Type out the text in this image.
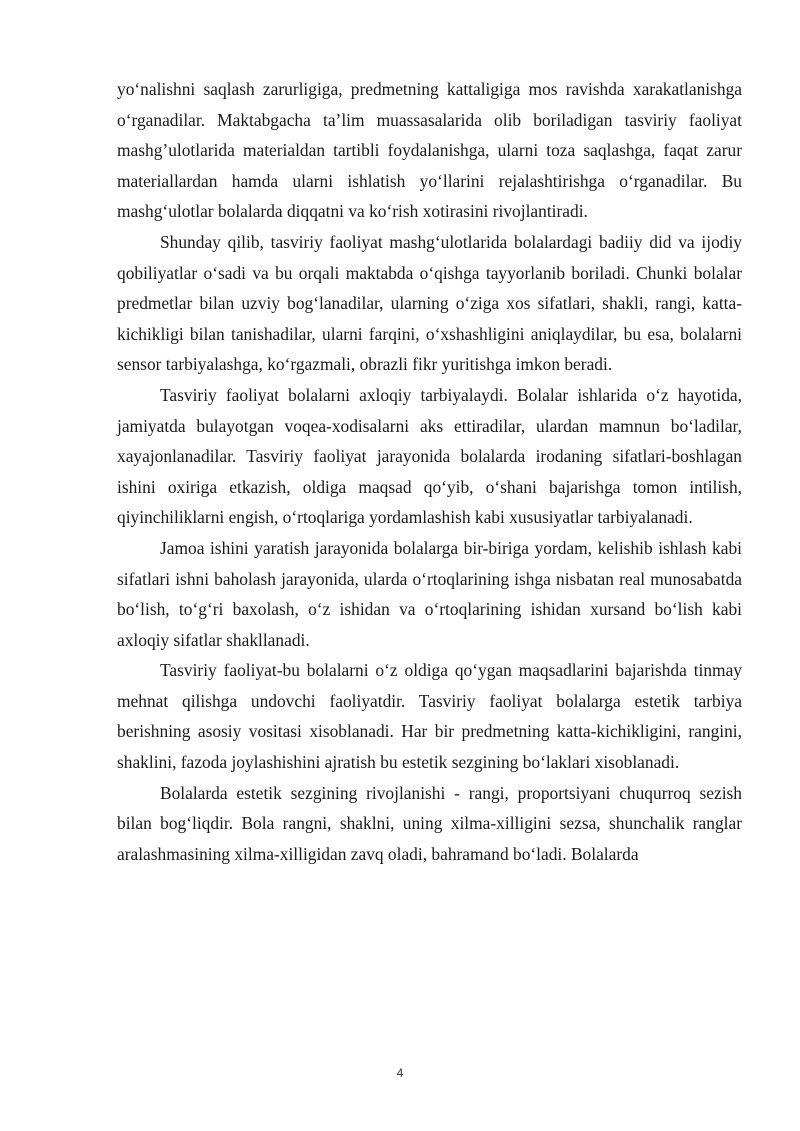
yo‘nalishni saqlash zarurligiga, predmetning kattaligiga mos ravishda xarakatlanishga o‘rganadilar. Maktabgacha ta’lim muassasalarida olib boriladigan tasviriy faoliyat mashg’ulotlarida materialdan tartibli foydalanishga, ularni toza saqlashga, faqat zarur materiallardan hamda ularni ishlatish yo‘llarini rejalashtirishga o‘rganadilar. Bu mashg‘ulotlar bolalarda diqqatni va ko‘rish xotirasini rivojlantiradi.

Shunday qilib, tasviriy faoliyat mashg‘ulotlarida bolalardagi badiiy did va ijodiy qobiliyatlar o‘sadi va bu orqali maktabda o‘qishga tayyorlanib boriladi. Chunki bolalar predmetlar bilan uzviy bog‘lanadilar, ularning o‘ziga xos sifatlari, shakli, rangi, katta-kichikligi bilan tanishadilar, ularni farqini, o‘xshashligini aniqlaydilar, bu esa, bolalarni sensor tarbiyalashga, ko‘rgazmali, obrazli fikr yuritishga imkon beradi.

Tasviriy faoliyat bolalarni axloqiy tarbiyalaydi. Bolalar ishlarida o‘z hayotida, jamiyatda bulayotgan voqea-xodisalarni aks ettiradilar, ulardan mamnun bo‘ladilar, xayajonlanadilar. Tasviriy faoliyat jarayonida bolalarda irodaning sifatlari-boshlagan ishini oxiriga etkazish, oldiga maqsad qo‘yib, o‘shani bajarishga tomon intilish, qiyinchiliklarni engish, o‘rtoqlariga yordamlashish kabi xususiyatlar tarbiyalanadi.

Jamoa ishini yaratish jarayonida bolalarga bir-biriga yordam, kelishib ishlash kabi sifatlari ishni baholash jarayonida, ularda o‘rtoqlarining ishga nisbatan real munosabatda bo‘lish, to‘g‘ri baxolash, o‘z ishidan va o‘rtoqlarining ishidan xursand bo‘lish kabi axloqiy sifatlar shakllanadi.

Tasviriy faoliyat-bu bolalarni o‘z oldiga qo‘ygan maqsadlarini bajarishda tinmay mehnat qilishga undovchi faoliyatdir. Tasviriy faoliyat bolalarga estetik tarbiya berishning asosiy vositasi xisoblanadi. Har bir predmetning katta-kichikligini, rangini, shaklini, fazoda joylashishini ajratish bu estetik sezgining bo‘laklari xisoblanadi.

Bolalarda estetik sezgining rivojlanishi - rangi, proportsiyani chuqurroq sezish bilan bog‘liqdir. Bola rangni, shaklni, uning xilma-xilligini sezsa, shunchalik ranglar aralashmasining xilma-xilligidan zavq oladi, bahramand bo‘ladi. Bolalarda

4
